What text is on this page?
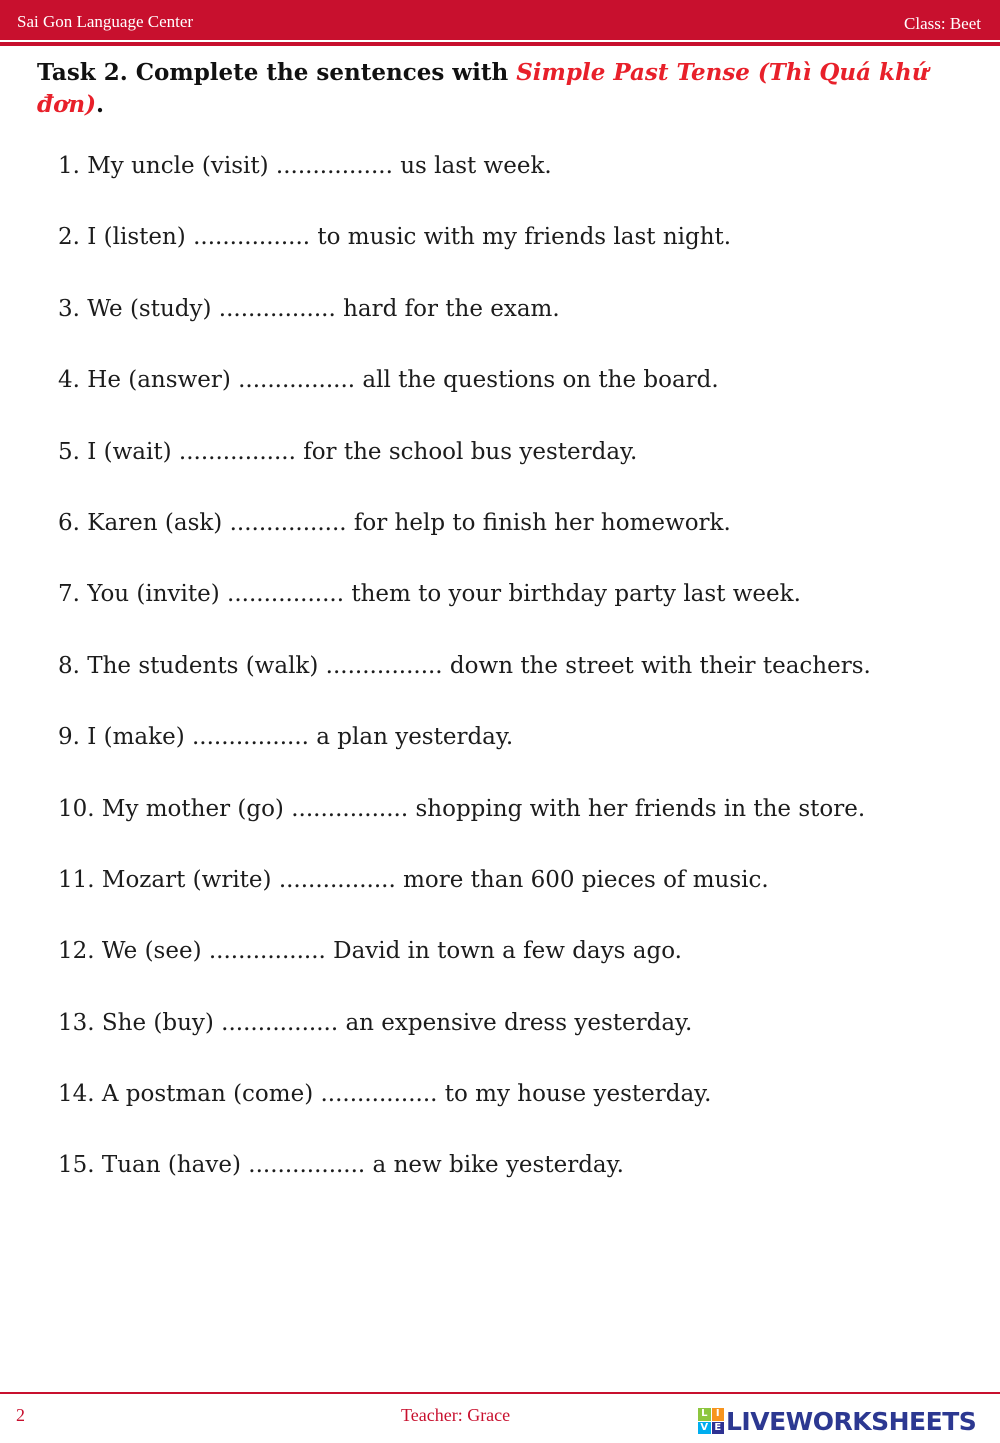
Sai Gon Language Center	Class: Beet
Task 2. Complete the sentences with Simple Past Tense (Thì Quá khứ đơn).
1. My uncle (visit) ................ us last week.
2. I (listen) ................ to music with my friends last night.
3. We (study) ................ hard for the exam.
4. He (answer) ................ all the questions on the board.
5. I (wait) ................ for the school bus yesterday.
6. Karen (ask) ................ for help to finish her homework.
7. You (invite) ................ them to your birthday party last week.
8. The students (walk) ................ down the street with their teachers.
9. I (make) ................ a plan yesterday.
10. My mother (go) ................ shopping with her friends in the store.
11. Mozart (write) ................ more than 600 pieces of music.
12. We (see) ................ David in town a few days ago.
13. She (buy) ................ an expensive dress yesterday.
14. A postman (come) ................ to my house yesterday.
15. Tuan (have) ................ a new bike yesterday.
2	Teacher: Grace	L I
V E LIVEWORKSHEETS
